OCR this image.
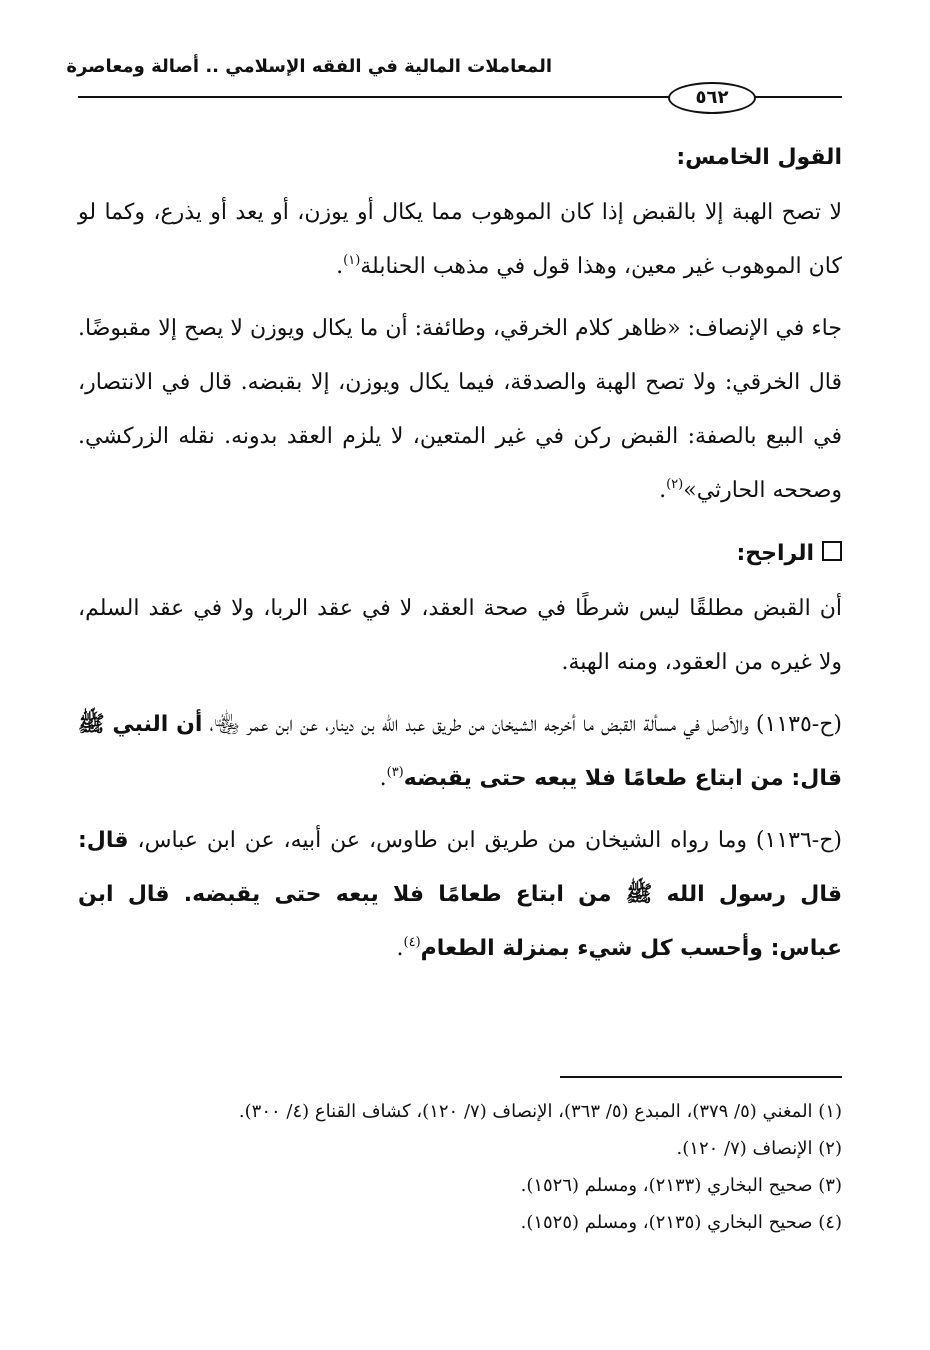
المعاملات المالية في الفقه الإسلامي .. أصالة ومعاصرة
٥٦٢
القول الخامس:

لا تصح الهبة إلا بالقبض إذا كان الموهوب مما يكال أو يوزن، أو يعد أو يذرع، وكما لو كان الموهوب غير معين، وهذا قول في مذهب الحنابلة$^{(١)}$.

جاء في الإنصاف: «ظاهر كلام الخرقي، وطائفة: أن ما يكال ويوزن لا يصح إلا مقبوضًا. قال الخرقي: ولا تصح الهبة والصدقة، فيما يكال ويوزن، إلا بقبضه. قال في الانتصار، في البيع بالصفة: القبض ركن في غير المتعين، لا يلزم العقد بدونه. نقله الزركشي. وصححه الحارثي»$^{(٢)}$.

الراجح:

أن القبض مطلقًا ليس شرطًا في صحة العقد، لا في عقد الربا، ولا في عقد السلم، ولا غيره من العقود، ومنه الهبة.

(ح-١١٣٥) والأصل في مسألة القبض ما أخرجه الشيخان من طريق عبد الله بن دينار، عن ابن عمر ﵄، أن النبي ﷺ قال: من ابتاع طعامًا فلا يبعه حتى يقبضه$^{(٣)}$.

(ح-١١٣٦) وما رواه الشيخان من طريق ابن طاوس، عن أبيه، عن ابن عباس، قال: قال رسول الله ﷺ من ابتاع طعامًا فلا يبعه حتى يقبضه. قال ابن عباس: وأحسب كل شيء بمنزلة الطعام$^{(٤)}$.

(١) المغني (٥/ ٣٧٩)، المبدع (٥/ ٣٦٣)، الإنصاف (٧/ ١٢٠)، كشاف القناع (٤/ ٣٠٠).
(٢) الإنصاف (٧/ ١٢٠).
(٣) صحيح البخاري (٢١٣٣)، ومسلم (١٥٢٦).
(٤) صحيح البخاري (٢١٣٥)، ومسلم (١٥٢٥).
